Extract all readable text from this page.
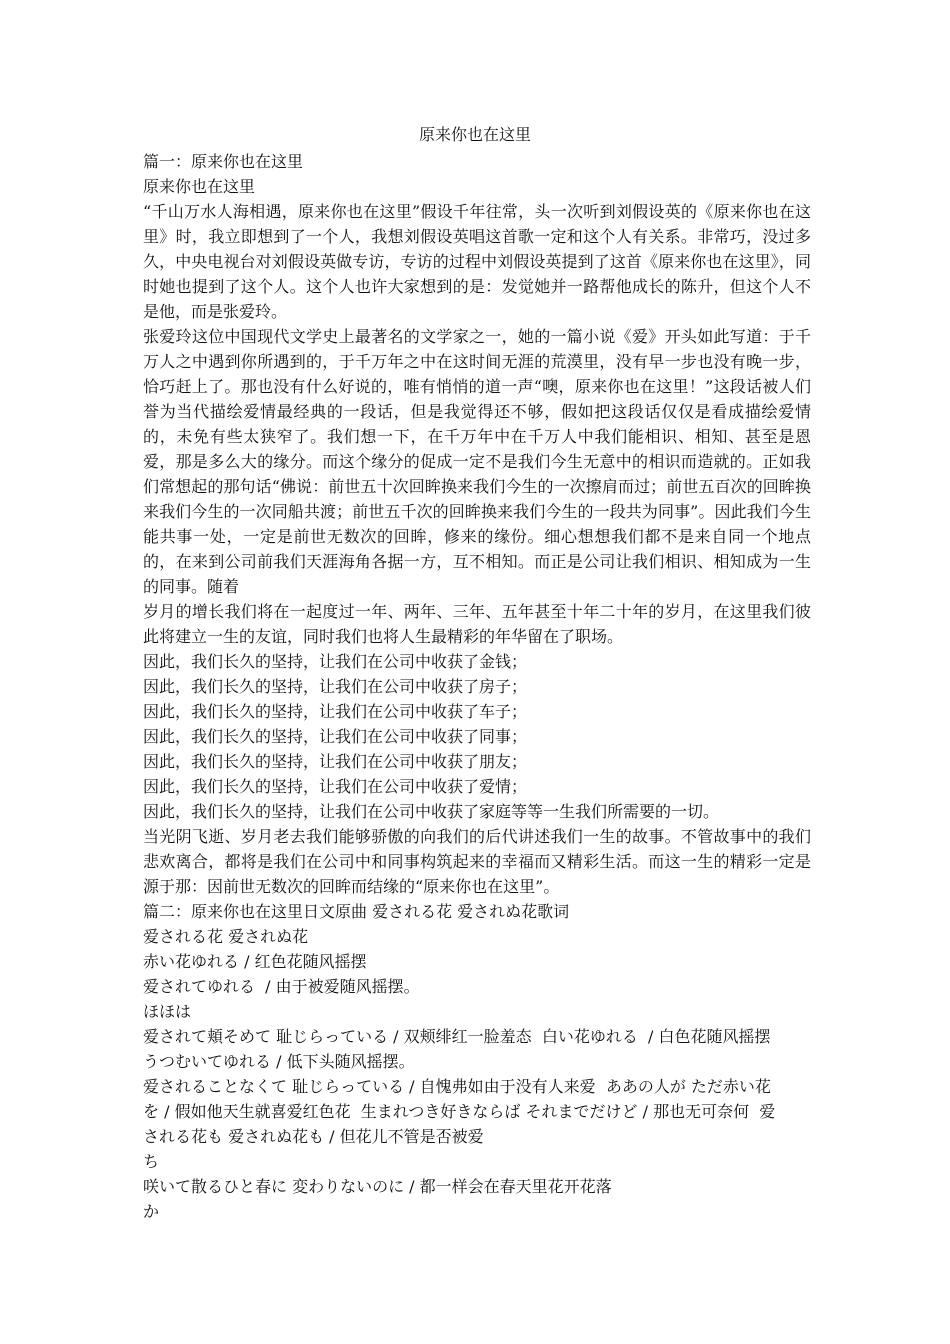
原来你也在这里

篇一：原来你也在这里

原来你也在这里

“千山万水人海相遇，原来你也在这里”假设千年往常，头一次听到刘假设英的《原来你也在这里》时，我立即想到了一个人，我想刘假设英唱这首歌一定和这个人有关系。非常巧，没过多久，中央电视台对刘假设英做专访，专访的过程中刘假设英提到了这首《原来你也在这里》，同时她也提到了这个人。这个人也许大家想到的是：发觉她并一路帮他成长的陈升，但这个人不是他，而是张爱玲。

张爱玲这位中国现代文学史上最著名的文学家之一，她的一篇小说《爱》开头如此写道：于千万人之中遇到你所遇到的，于千万年之中在这时间无涯的荒漠里，没有早一步也没有晚一步，恰巧赶上了。那也没有什么好说的，唯有悄悄的道一声“噢，原来你也在这里！”这段话被人们誉为当代描绘爱情最经典的一段话，但是我觉得还不够，假如把这段话仅仅是看成描绘爱情的，未免有些太狭窄了。我们想一下，在千万年中在千万人中我们能相识、相知、甚至是恩爱，那是多么大的缘分。而这个缘分的促成一定不是我们今生无意中的相识而造就的。正如我们常想起的那句话“佛说：前世五十次回眸换来我们今生的一次擦肩而过；前世五百次的回眸换来我们今生的一次同船共渡；前世五千次的回眸换来我们今生的一段共为同事”。因此我们今生能共事一处，一定是前世无数次的回眸，修来的缘份。细心想想我们都不是来自同一个地点的，在来到公司前我们天涯海角各据一方，互不相知。而正是公司让我们相识、相知成为一生的同事。随着

岁月的增长我们将在一起度过一年、两年、三年、五年甚至十年二十年的岁月，在这里我们彼此将建立一生的友谊，同时我们也将人生最精彩的年华留在了职场。

因此，我们长久的坚持，让我们在公司中收获了金钱；

因此，我们长久的坚持，让我们在公司中收获了房子；

因此，我们长久的坚持，让我们在公司中收获了车子；

因此，我们长久的坚持，让我们在公司中收获了同事；

因此，我们长久的坚持，让我们在公司中收获了朋友；

因此，我们长久的坚持，让我们在公司中收获了爱情；

因此，我们长久的坚持，让我们在公司中收获了家庭等等一生我们所需要的一切。

当光阴飞逝、岁月老去我们能够骄傲的向我们的后代讲述我们一生的故事。不管故事中的我们悲欢离合，都将是我们在公司中和同事构筑起来的幸福而又精彩生活。而这一生的精彩一定是源于那：因前世无数次的回眸而结缘的“原来你也在这里”。

篇二：原来你也在这里日文原曲 爱される花 爱されぬ花歌词

爱される花 爱されぬ花

赤い花ゆれる / 红色花随风摇摆

爱されてゆれる  / 由于被爱随风摇摆。

ほほは

爱されて頬そめて 耻じらっている / 双颊绯红一脸羞态  白い花ゆれる  / 白色花随风摇摆

うつむいてゆれる / 低下头随风摇摆。

爱されることなくて 耻じらっている / 自愧弗如由于没有人来爱  ああの人が ただ赤い花

を / 假如他天生就喜爱红色花  生まれつき好きならば それまでだけど / 那也无可奈何  爱

される花も 爱されぬ花も / 但花儿不管是否被爱

ち

咲いて散るひと春に 変わりないのに / 都一样会在春天里花开花落

か
